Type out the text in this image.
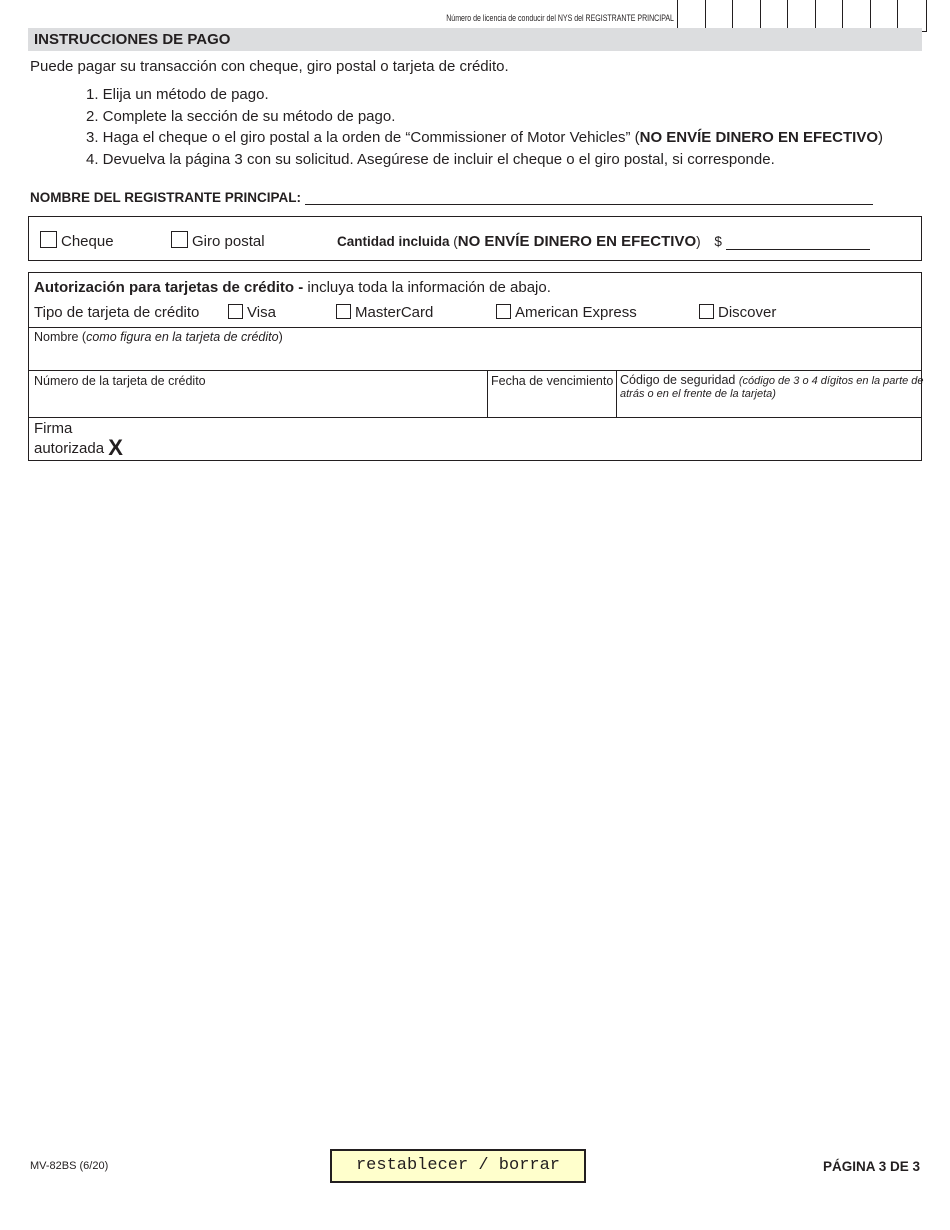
Número de licencia de conducir del NYS del REGISTRANTE PRINCIPAL
INSTRUCCIONES DE PAGO
Puede pagar su transacción con cheque, giro postal o tarjeta de crédito.
1. Elija un método de pago.
2. Complete la sección de su método de pago.
3. Haga el cheque o el giro postal a la orden de “Commissioner of Motor Vehicles” (NO ENVÍE DINERO EN EFECTIVO)
4. Devuelva la página 3 con su solicitud. Asegúrese de incluir el cheque o el giro postal, si corresponde.
NOMBRE DEL REGISTRANTE PRINCIPAL:
Cheque	Giro postal	Cantidad incluida (NO ENVÍE DINERO EN EFECTIVO) $
Autorización para tarjetas de crédito - incluya toda la información de abajo.
Tipo de tarjeta de crédito	Visa	MasterCard	American Express	Discover
Nombre (como figura en la tarjeta de crédito)
Número de la tarjeta de crédito	Fecha de vencimiento Código de seguridad (código de 3 o 4 dígitos en la parte de
atrás o en el frente de la tarjeta)
Firma
autorizada X
MV-82BS (6/20)	restablecer / borrar	PÁGINA 3 DE 3
